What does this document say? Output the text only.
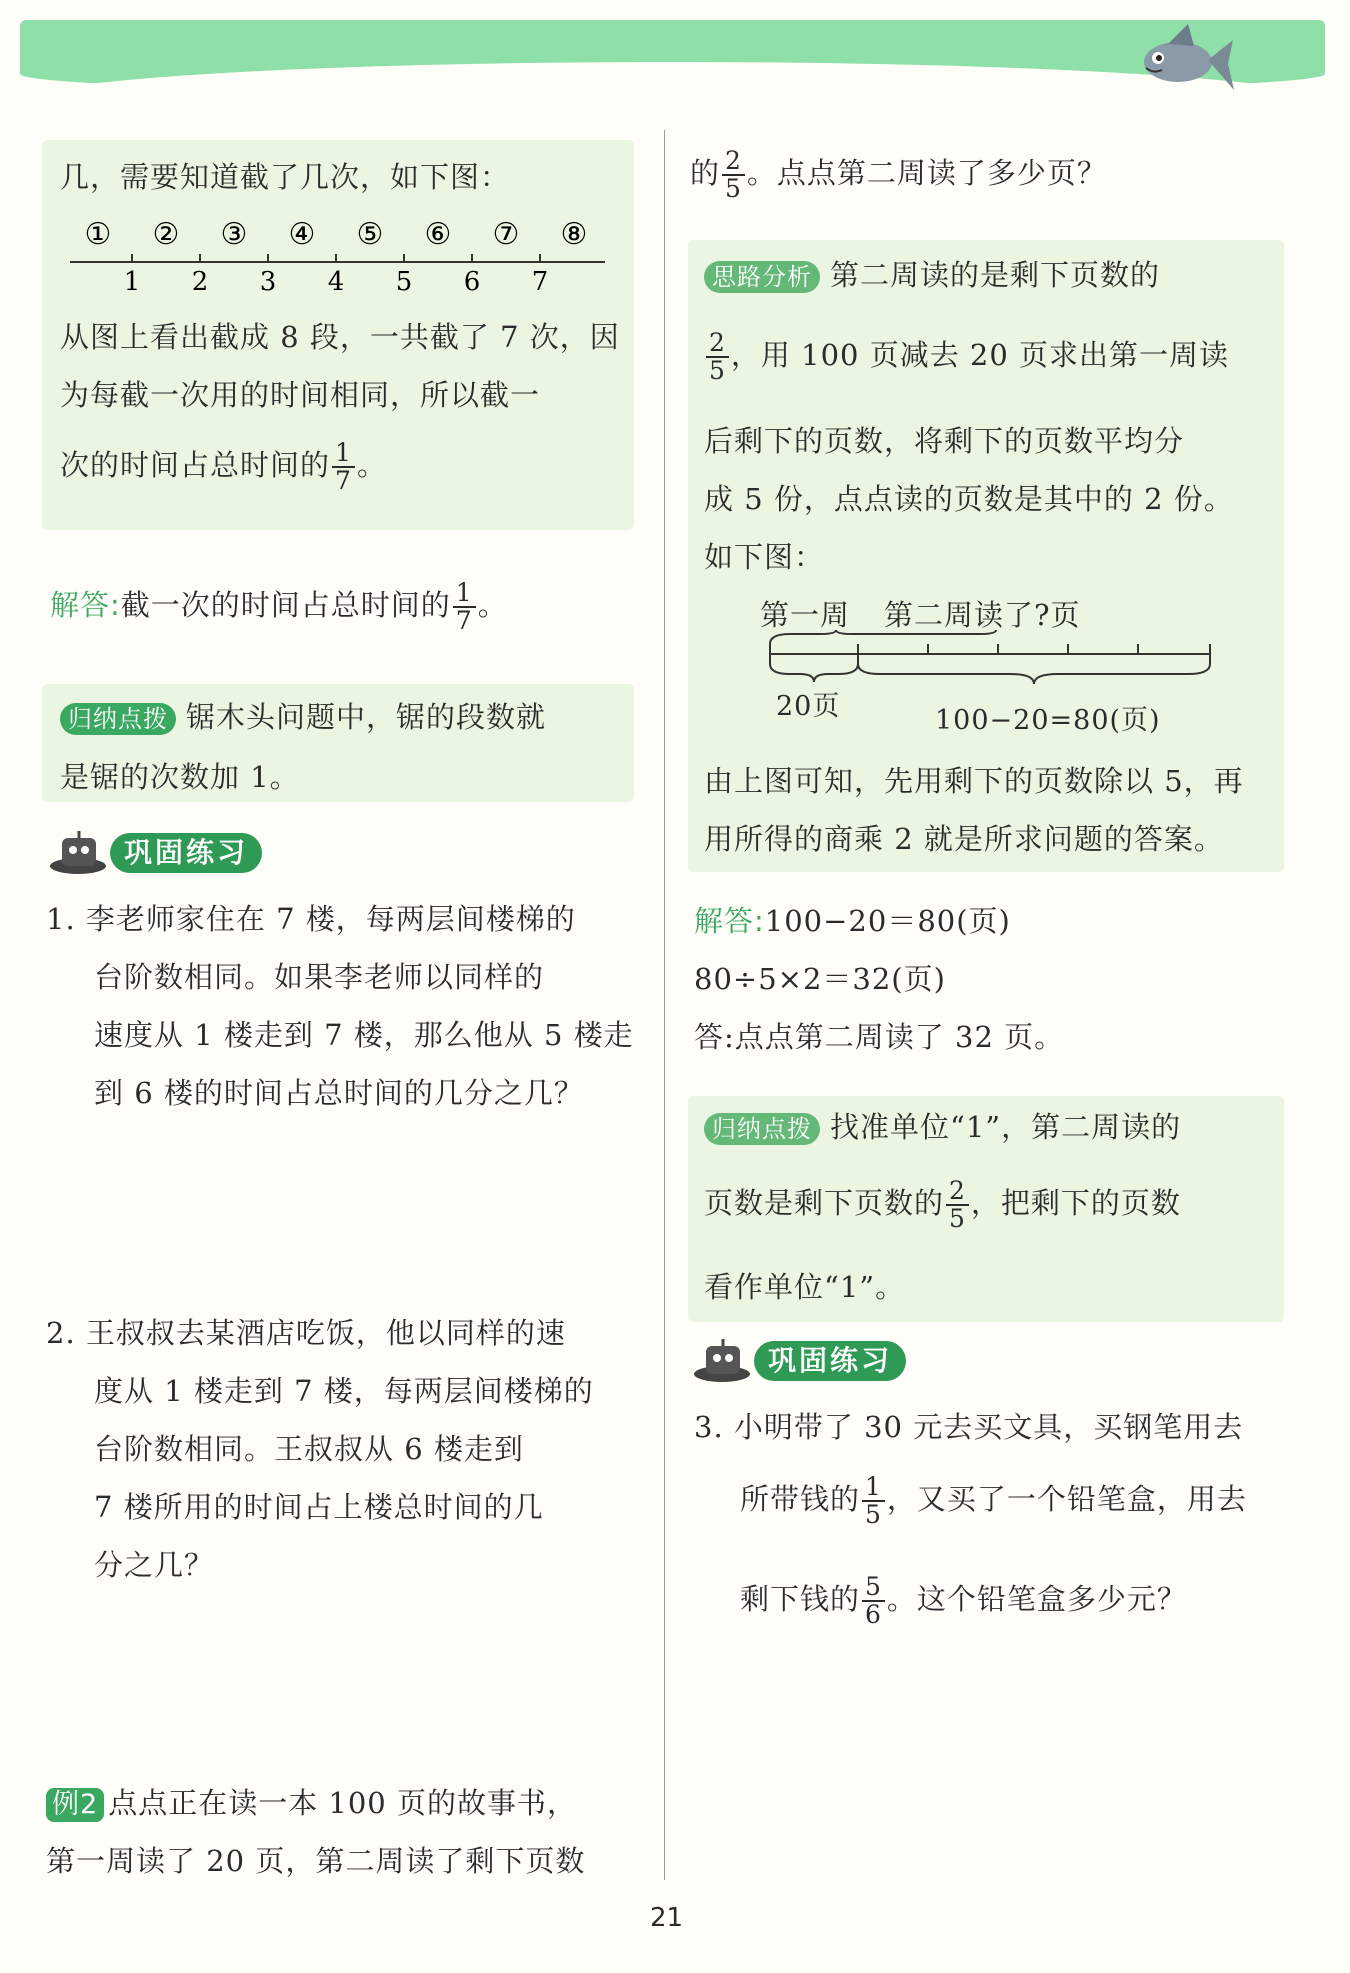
几，需要知道截了几次，如下图：
① ② ③ ④ ⑤ ⑥ ⑦ ⑧
1 2 3 4 5 6 7
从图上看出截成 8 段，一共截了 7 次，因
为每截一次用的时间相同，所以截一
次的时间占总时间的 $\frac{1}{7}$ 。
解答:截一次的时间占总时间的 $\frac{1}{7}$ 。
归纳点拨 锯木头问题中，锯的段数就
是锯的次数加 1。
巩固练习
1. 李老师家住在 7 楼，每两层间楼梯的
台阶数相同。如果李老师以同样的
速度从 1 楼走到 7 楼，那么他从 5 楼走
到 6 楼的时间占总时间的几分之几？
2. 王叔叔去某酒店吃饭，他以同样的速
度从 1 楼走到 7 楼，每两层间楼梯的
台阶数相同。王叔叔从 6 楼走到
7 楼所用的时间占上楼总时间的几
分之几？
例2 点点正在读一本 100 页的故事书，
第一周读了 20 页，第二周读了剩下页数
的 $\frac{2}{5}$ 。点点第二周读了多少页？
思路分析 第二周读的是剩下页数的
$\frac{2}{5}$ ，用 100 页减去 20 页求出第一周读
后剩下的页数，将剩下的页数平均分
成 5 份，点点读的页数是其中的 2 份。
如下图：
第一周 第二周读了?页
20页	100−20=80(页)
由上图可知，先用剩下的页数除以 5，再
用所得的商乘 2 就是所求问题的答案。
解答:100−20＝80(页)
80÷5×2＝32(页)
答:点点第二周读了 32 页。
归纳点拨 找准单位“1”，第二周读的
页数是剩下页数的 $\frac{2}{5}$ ，把剩下的页数
看作单位“1”。
巩固练习
3. 小明带了 30 元去买文具，买钢笔用去
所带钱的 $\frac{1}{5}$ ，又买了一个铅笔盒，用去
剩下钱的 $\frac{5}{6}$ 。这个铅笔盒多少元？
21
